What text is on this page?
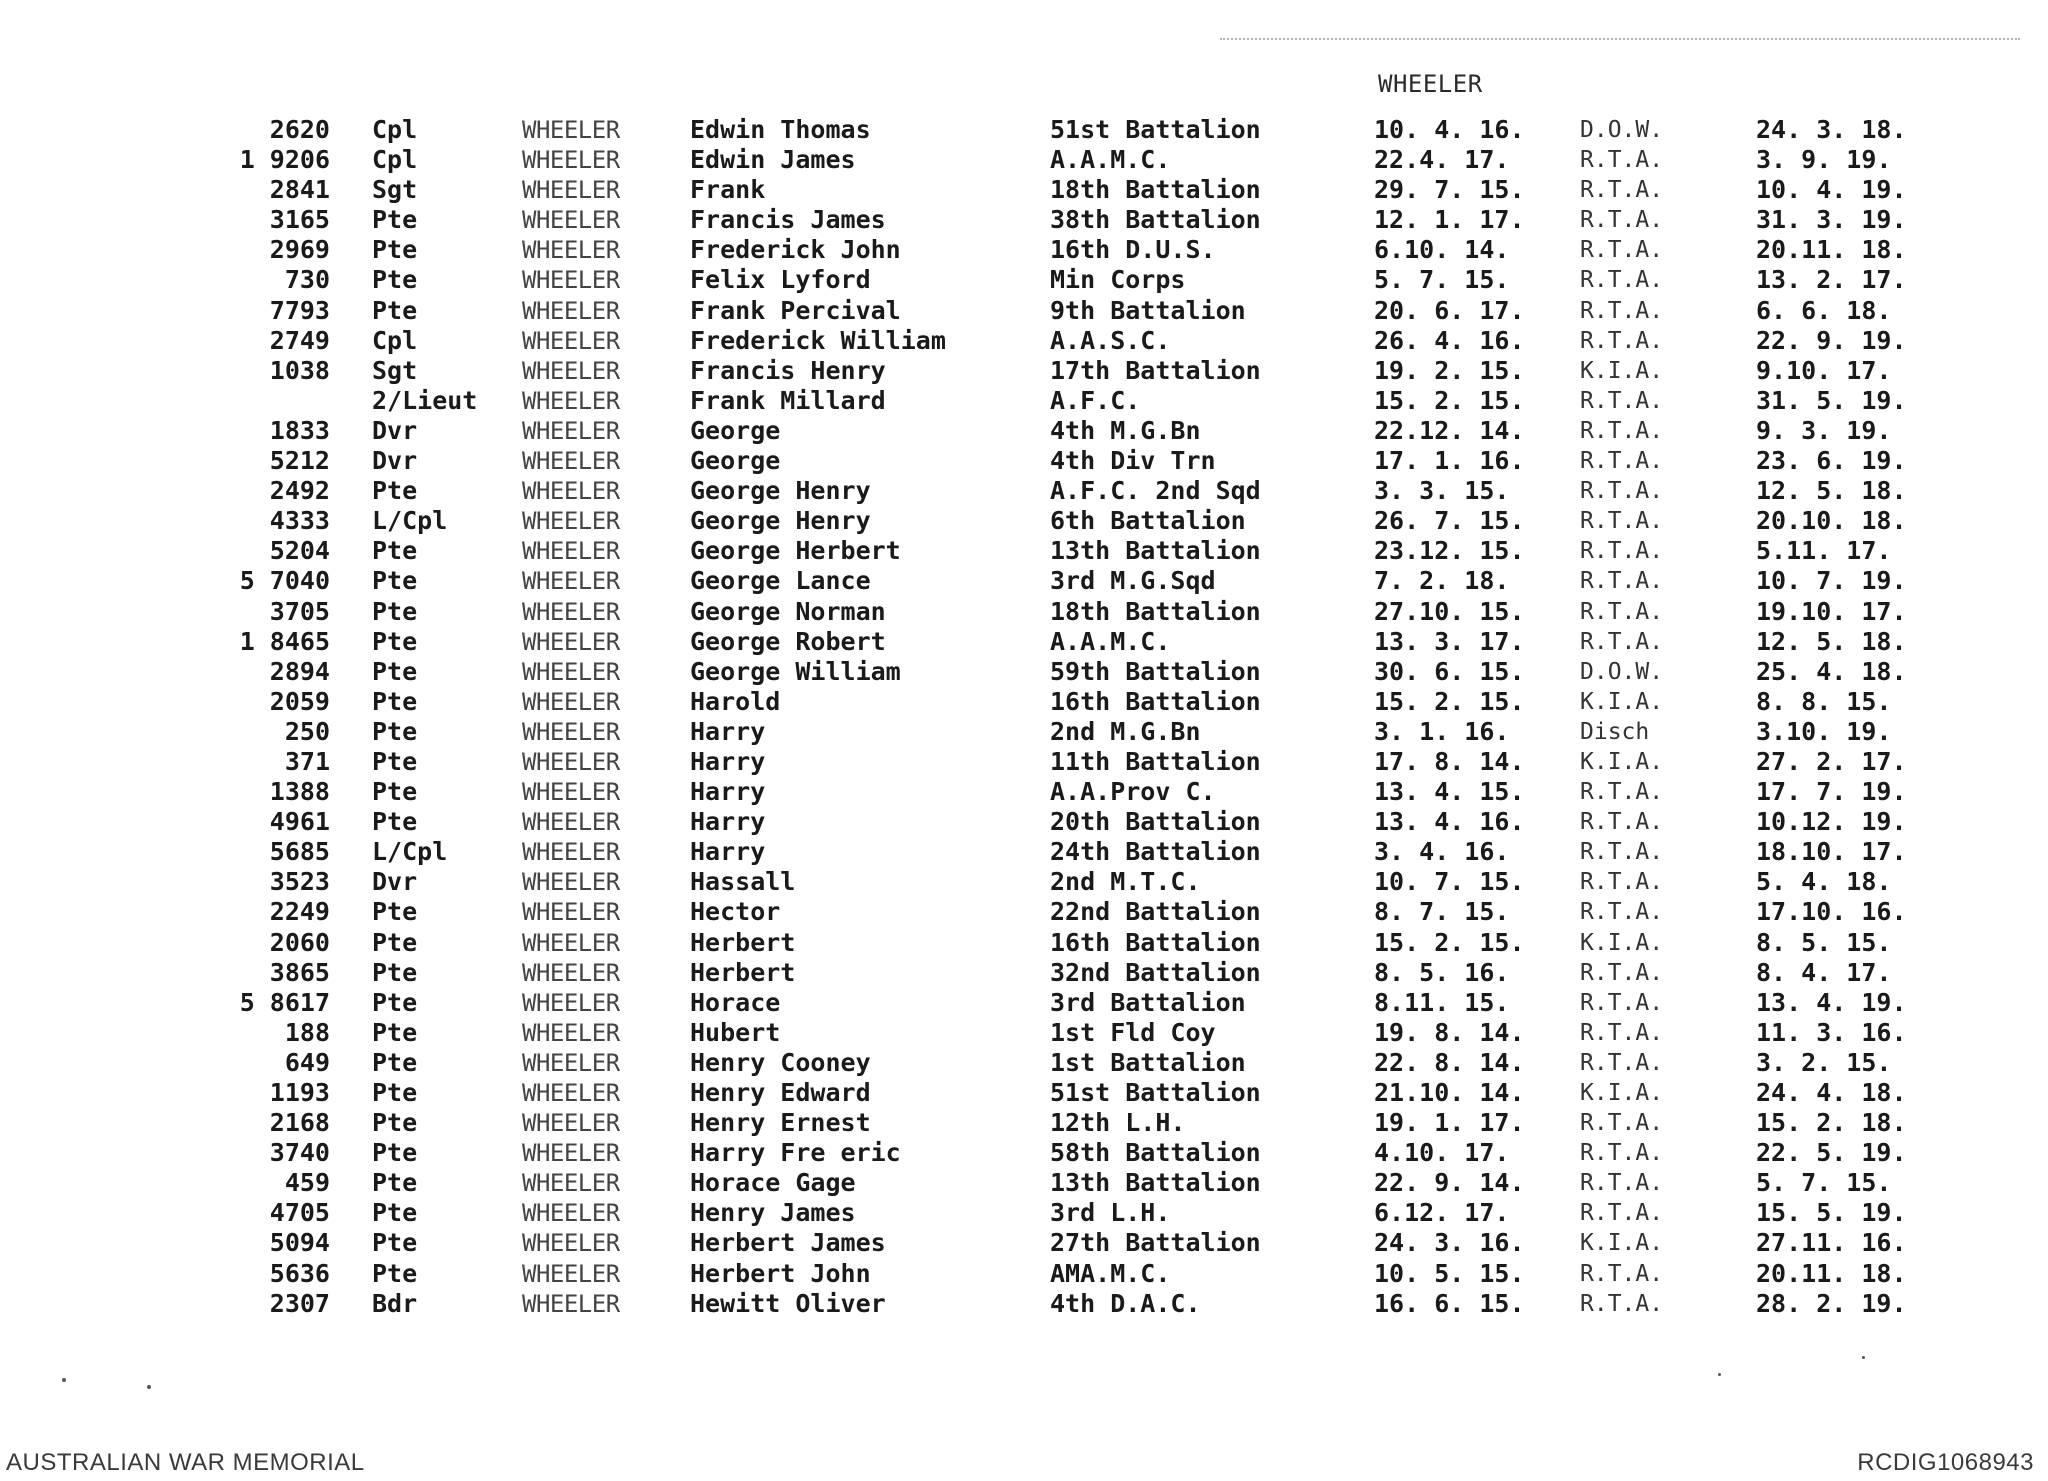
WHEELER
2620 Cpl	WHEELER	Edwin Thomas	51st Battalion	10. 4. 16. D.O.W.	24. 3. 18.
1 9206 Cpl	WHEELER	Edwin James	A.A.M.C.	22.4. 17.	R.T.A.	3. 9. 19.
2841 Sgt	WHEELER	Frank	18th Battalion	29. 7. 15. R.T.A.	10. 4. 19.
3165 Pte	WHEELER	Francis James	38th Battalion	12. 1. 17. R.T.A.	31. 3. 19.
2969 Pte	WHEELER	Frederick John	16th D.U.S.	6.10. 14.	R.T.A.	20.11. 18.
730 Pte	WHEELER	Felix Lyford	Min Corps	5. 7. 15.	R.T.A.	13. 2. 17.
7793 Pte	WHEELER	Frank Percival	9th Battalion	20. 6. 17. R.T.A.	6. 6. 18.
2749 Cpl	WHEELER	Frederick William	A.A.S.C.	26. 4. 16. R.T.A.	22. 9. 19.
1038 Sgt	WHEELER	Francis Henry	17th Battalion	19. 2. 15. K.I.A.	9.10. 17.
2/Lieut WHEELER	Frank Millard	A.F.C.	15. 2. 15. R.T.A.	31. 5. 19.
1833 Dvr	WHEELER	George	4th M.G.Bn	22.12. 14. R.T.A.	9. 3. 19.
5212 Dvr	WHEELER	George	4th Div Trn	17. 1. 16. R.T.A.	23. 6. 19.
2492 Pte	WHEELER	George Henry	A.F.C. 2nd Sqd	3. 3. 15.	R.T.A.	12. 5. 18.
4333 L/Cpl	WHEELER	George Henry	6th Battalion	26. 7. 15. R.T.A.	20.10. 18.
5204 Pte	WHEELER	George Herbert	13th Battalion	23.12. 15. R.T.A.	5.11. 17.
5 7040 Pte	WHEELER	George Lance	3rd M.G.Sqd	7. 2. 18.	R.T.A.	10. 7. 19.
3705 Pte	WHEELER	George Norman	18th Battalion	27.10. 15. R.T.A.	19.10. 17.
1 8465 Pte	WHEELER	George Robert	A.A.M.C.	13. 3. 17. R.T.A.	12. 5. 18.
2894 Pte	WHEELER	George William	59th Battalion	30. 6. 15. D.O.W.	25. 4. 18.
2059 Pte	WHEELER	Harold	16th Battalion	15. 2. 15. K.I.A.	8. 8. 15.
250 Pte	WHEELER	Harry	2nd M.G.Bn	3. 1. 16.	Disch	3.10. 19.
371 Pte	WHEELER	Harry	11th Battalion	17. 8. 14. K.I.A.	27. 2. 17.
1388 Pte	WHEELER	Harry	A.A.Prov C.	13. 4. 15. R.T.A.	17. 7. 19.
4961 Pte	WHEELER	Harry	20th Battalion	13. 4. 16. R.T.A.	10.12. 19.
5685 L/Cpl	WHEELER	Harry	24th Battalion	3. 4. 16.	R.T.A.	18.10. 17.
3523 Dvr	WHEELER	Hassall	2nd M.T.C.	10. 7. 15. R.T.A.	5. 4. 18.
2249 Pte	WHEELER	Hector	22nd Battalion	8. 7. 15.	R.T.A.	17.10. 16.
2060 Pte	WHEELER	Herbert	16th Battalion	15. 2. 15. K.I.A.	8. 5. 15.
3865 Pte	WHEELER	Herbert	32nd Battalion	8. 5. 16.	R.T.A.	8. 4. 17.
5 8617 Pte	WHEELER	Horace	3rd Battalion	8.11. 15.	R.T.A.	13. 4. 19.
188 Pte	WHEELER	Hubert	1st Fld Coy	19. 8. 14. R.T.A.	11. 3. 16.
649 Pte	WHEELER	Henry Cooney	1st Battalion	22. 8. 14. R.T.A.	3. 2. 15.
1193 Pte	WHEELER	Henry Edward	51st Battalion	21.10. 14. K.I.A.	24. 4. 18.
2168 Pte	WHEELER	Henry Ernest	12th L.H.	19. 1. 17. R.T.A.	15. 2. 18.
3740 Pte	WHEELER	Harry Fre eric	58th Battalion	4.10. 17.	R.T.A.	22. 5. 19.
459 Pte	WHEELER	Horace Gage	13th Battalion	22. 9. 14. R.T.A.	5. 7. 15.
4705 Pte	WHEELER	Henry James	3rd L.H.	6.12. 17.	R.T.A.	15. 5. 19.
5094 Pte	WHEELER	Herbert James	27th Battalion	24. 3. 16. K.I.A.	27.11. 16.
5636 Pte	WHEELER	Herbert John	AMA.M.C.	10. 5. 15. R.T.A.	20.11. 18.
2307 Bdr	WHEELER	Hewitt Oliver	4th D.A.C.	16. 6. 15. R.T.A.	28. 2. 19.
AUSTRALIAN WAR MEMORIAL	RCDIG1068943
